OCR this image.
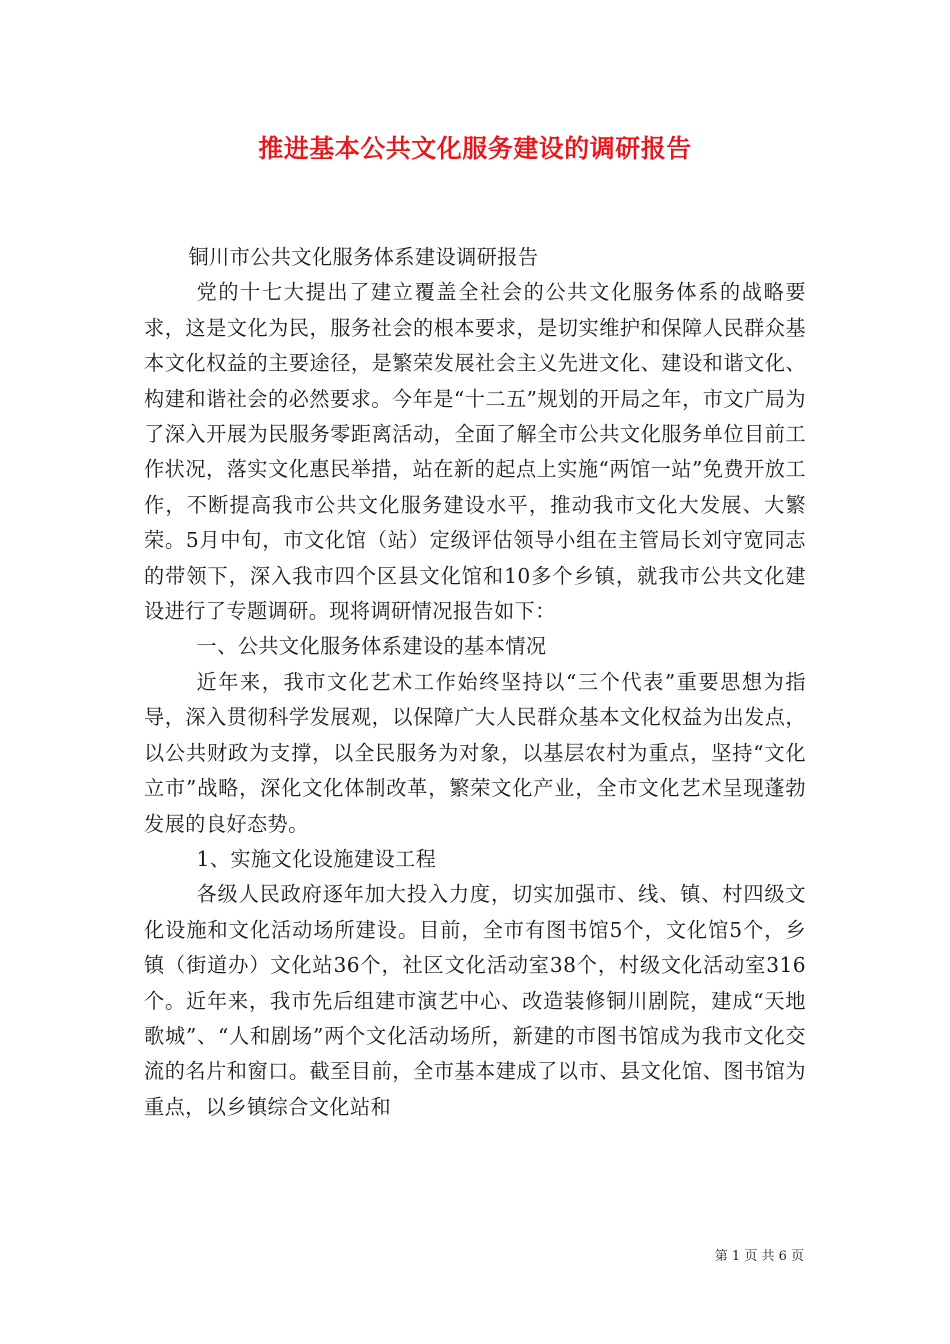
推进基本公共文化服务建设的调研报告

铜川市公共文化服务体系建设调研报告

党的十七大提出了建立覆盖全社会的公共文化服务体系的战略要求，这是文化为民，服务社会的根本要求，是切实维护和保障人民群众基本文化权益的主要途径，是繁荣发展社会主义先进文化、建设和谐文化、构建和谐社会的必然要求。今年是“十二五”规划的开局之年，市文广局为了深入开展为民服务零距离活动，全面了解全市公共文化服务单位目前工作状况，落实文化惠民举措，站在新的起点上实施“两馆一站”免费开放工作，不断提高我市公共文化服务建设水平，推动我市文化大发展、大繁荣。5月中旬，市文化馆（站）定级评估领导小组在主管局长刘守宽同志的带领下，深入我市四个区县文化馆和10多个乡镇，就我市公共文化建设进行了专题调研。现将调研情况报告如下：

一、公共文化服务体系建设的基本情况

近年来，我市文化艺术工作始终坚持以“三个代表”重要思想为指导，深入贯彻科学发展观，以保障广大人民群众基本文化权益为出发点，以公共财政为支撑，以全民服务为对象，以基层农村为重点，坚持“文化立市”战略，深化文化体制改革，繁荣文化产业，全市文化艺术呈现蓬勃发展的良好态势。

1、实施文化设施建设工程

各级人民政府逐年加大投入力度，切实加强市、线、镇、村四级文化设施和文化活动场所建设。目前，全市有图书馆5个，文化馆5个，乡镇（街道办）文化站36个，社区文化活动室38个，村级文化活动室316个。近年来，我市先后组建市演艺中心、改造装修铜川剧院，建成“天地歌城”、“人和剧场”两个文化活动场所，新建的市图书馆成为我市文化交流的名片和窗口。截至目前，全市基本建成了以市、县文化馆、图书馆为重点，以乡镇综合文化站和

第 1 页 共 6 页
